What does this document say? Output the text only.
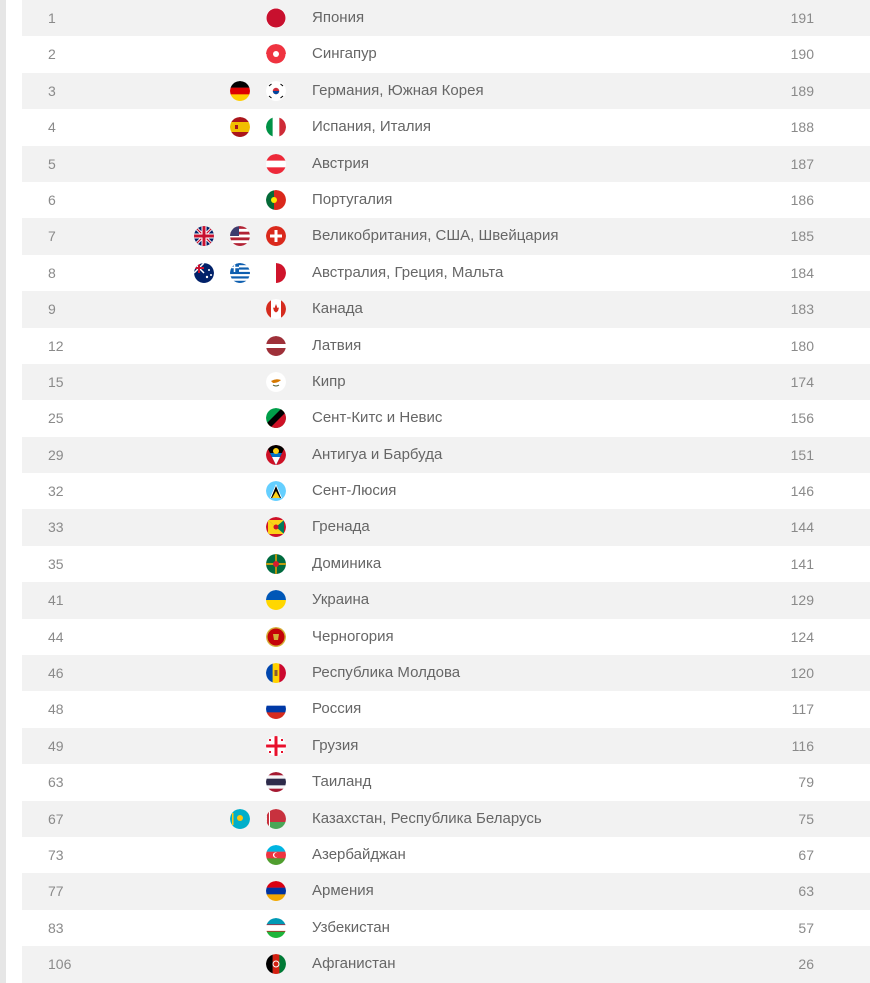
1	Япония	191
2	Сингапур	190
3	Германия, Южная Корея	189
4	Испания, Италия	188
5	Австрия	187
6	Португалия	186
7	Великобритания, США, Швейцария	185
8	Австралия, Греция, Мальта	184
9	Канада	183
12	Латвия	180
15	Кипр	174
25	Сент-Китс и Невис	156
29	Антигуа и Барбуда	151
32	Сент-Люсия	146
33	Гренада	144
35	Доминика	141
41	Украина	129
44	Черногория	124
46	Республика Молдова	120
48	Россия	117
49	Грузия	116
63	Таиланд	79
67	Казахстан, Республика Беларусь	75
73	Азербайджан	67
77	Армения	63
83	Узбекистан	57
106	Афганистан	26
